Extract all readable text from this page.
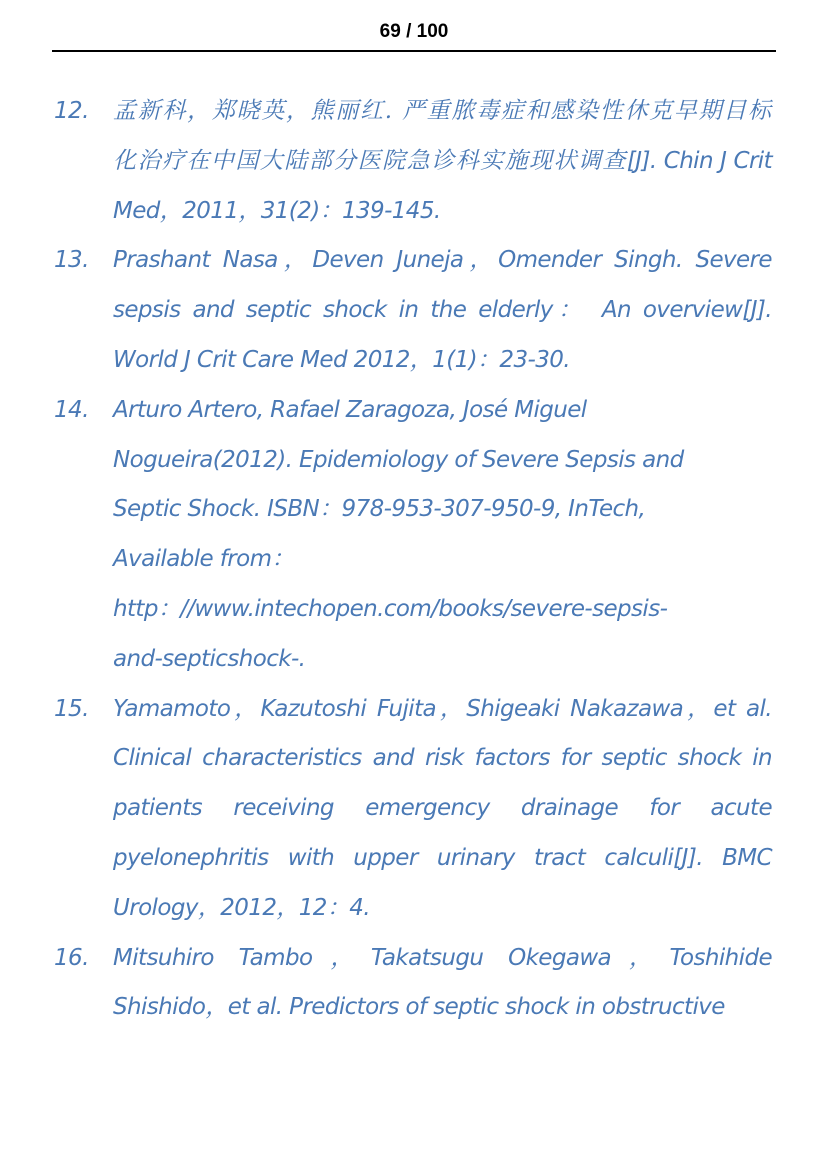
69 / 100
12. 孟新科，郑晓英，熊丽红. 严重脓毒症和感染性休克早期目标化治疗在中国大陆部分医院急诊科实施现状调查[J]. Chin J Crit Med，2011，31(2)：139-145.
13. Prashant Nasa，Deven Juneja，Omender Singh. Severe sepsis and septic shock in the elderly：　An overview[J]. World J Crit Care Med 2012，1(1)：23-30.
14. Arturo Artero, Rafael Zaragoza, José Miguel Nogueira(2012). Epidemiology of Severe Sepsis and Septic Shock. ISBN：978-953-307-950-9, InTech, Available from：http：//www.intechopen.com/books/severe-sepsis-and-septicshock-.
15. Yamamoto，Kazutoshi Fujita，Shigeaki Nakazawa，et al. Clinical characteristics and risk factors for septic shock in patients receiving emergency drainage for acute pyelonephritis with upper urinary tract calculi[J]. BMC Urology，2012，12：4.
16. Mitsuhiro Tambo，Takatsugu Okegawa，Toshihide Shishido，et al. Predictors of septic shock in obstructive
